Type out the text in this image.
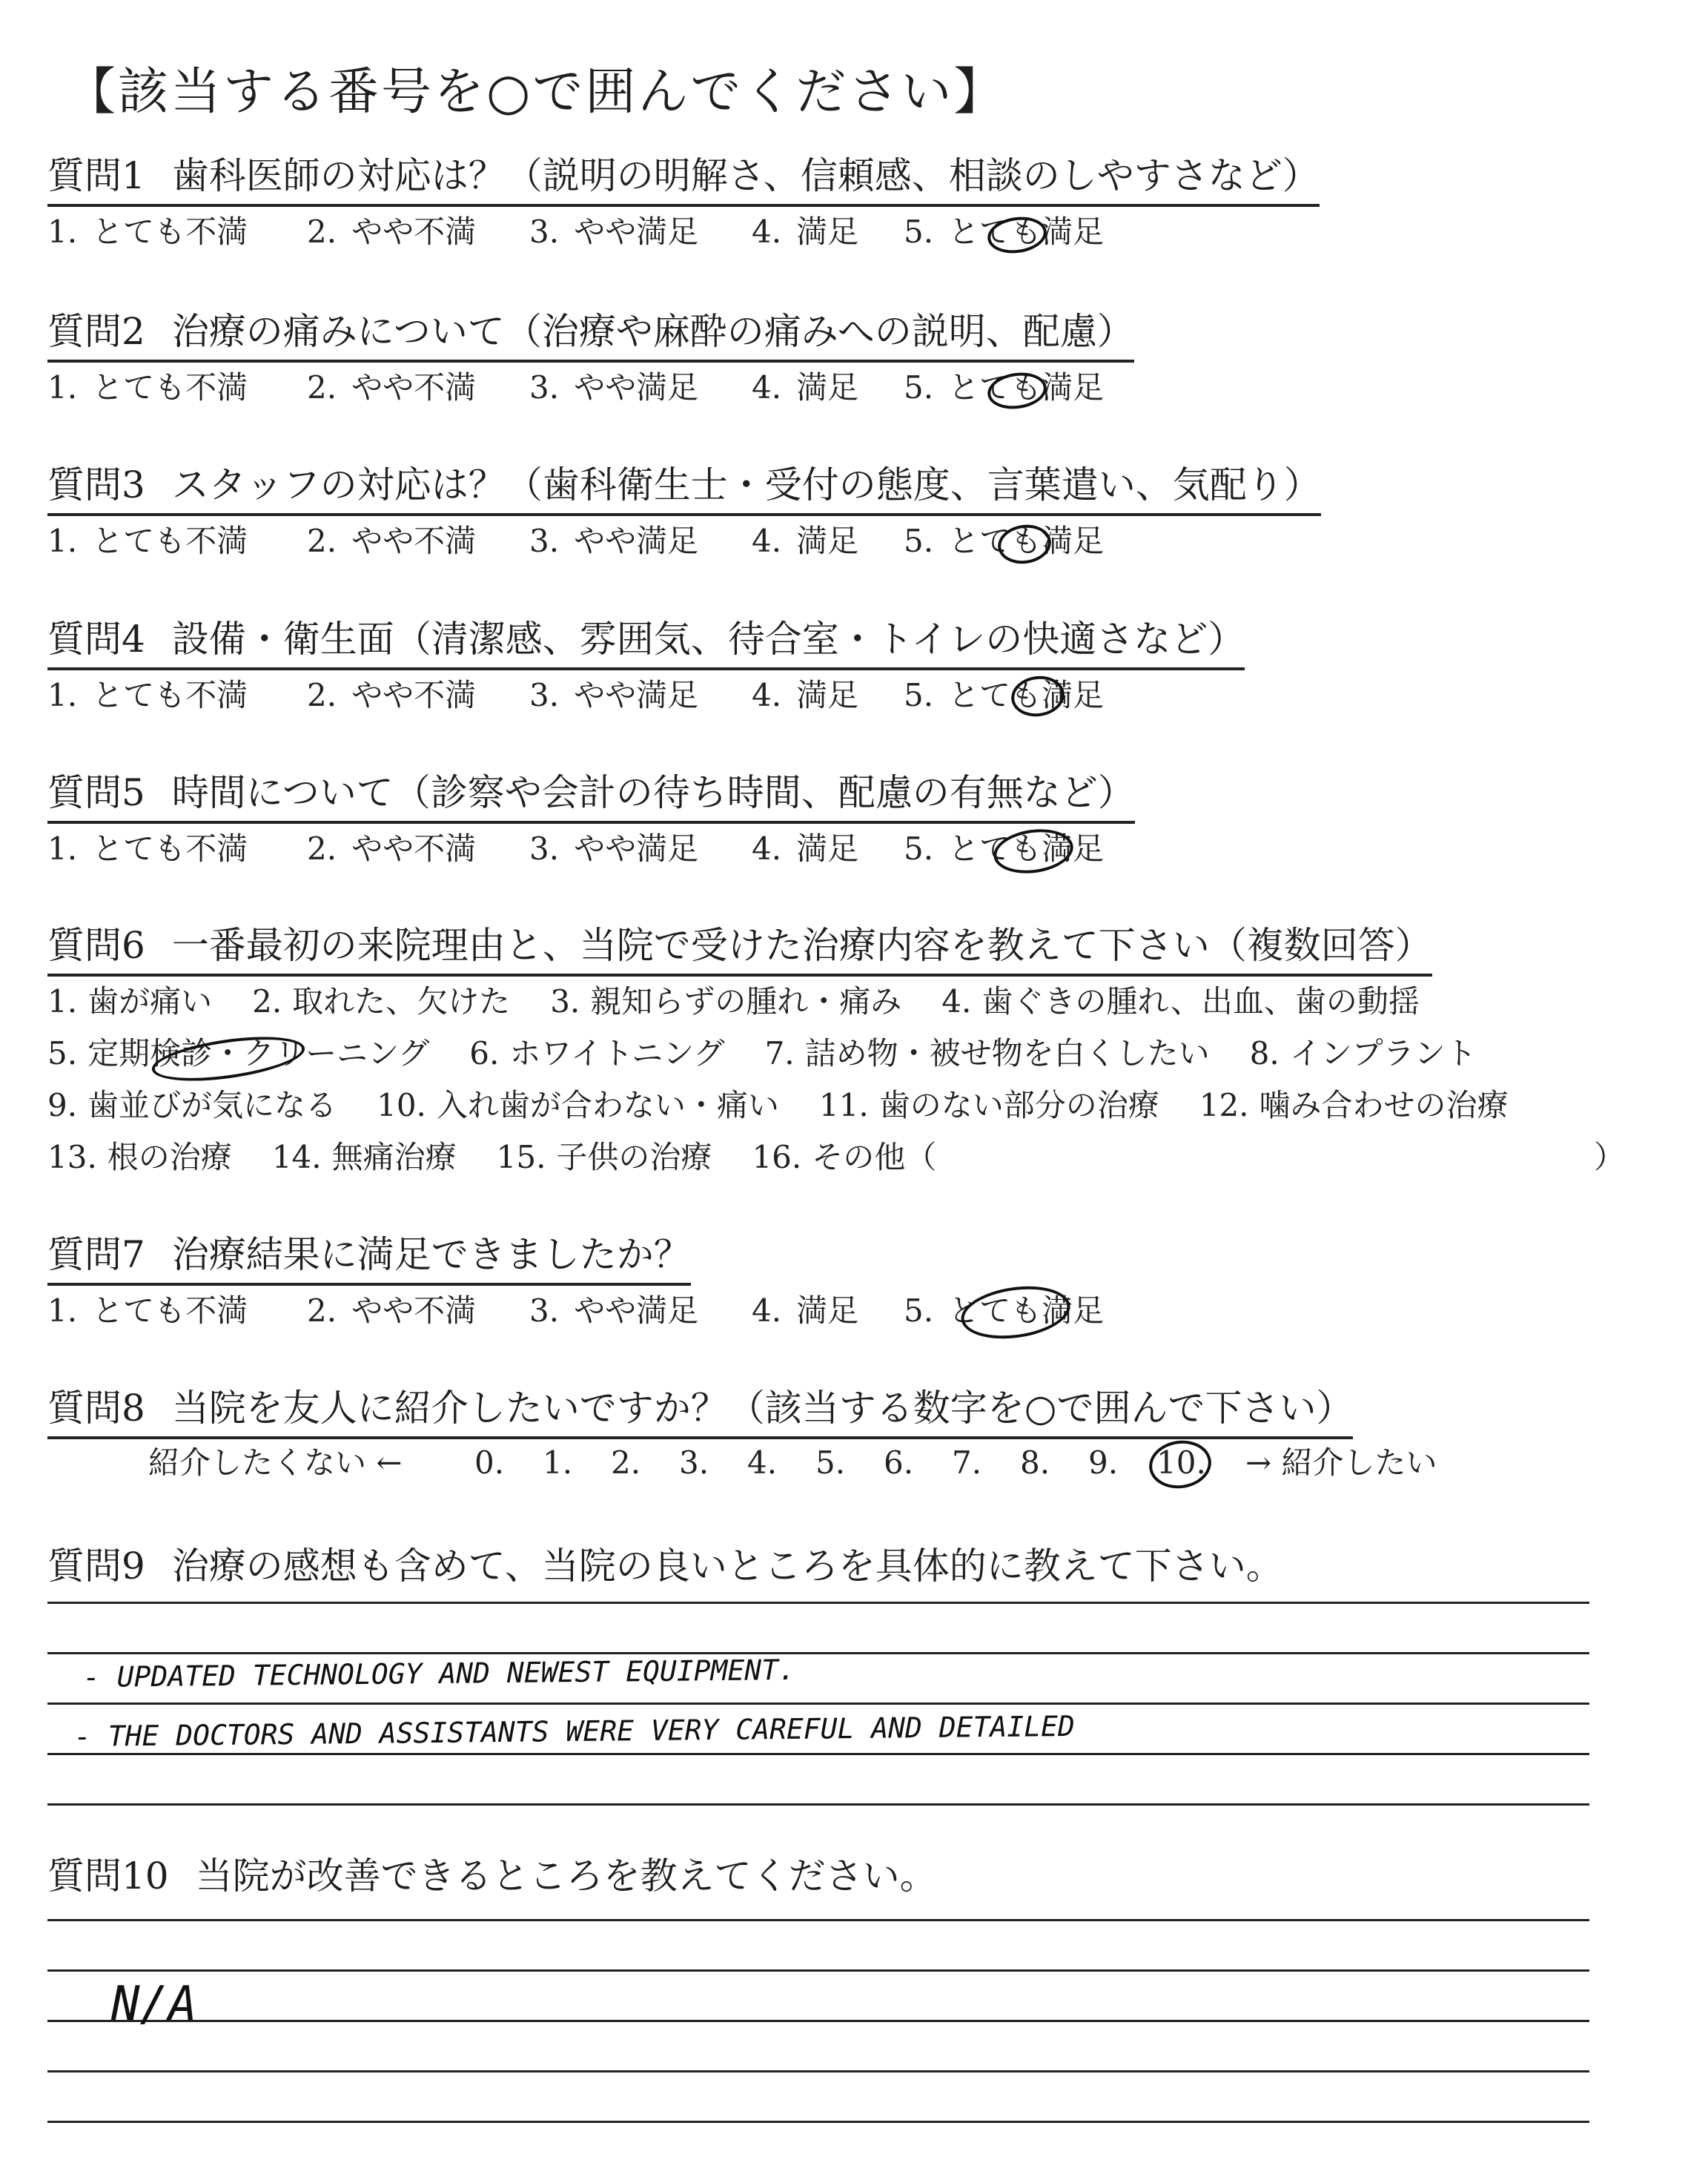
【該当する番号を○で囲んでください】
質問1 歯科医師の対応は？（説明の明解さ、信頼感、相談のしやすさなど）
1. とても不満 2. やや不満 3. やや満足 4. 満足 5. とても満足
質問2 治療の痛みについて（治療や麻酔の痛みへの説明、配慮）
1. とても不満 2. やや不満 3. やや満足 4. 満足 5. とても満足
質問3 スタッフの対応は？（歯科衛生士・受付の態度、言葉遣い、気配り）
1. とても不満 2. やや不満 3. やや満足 4. 満足 5. とても満足
質問4 設備・衛生面（清潔感、雰囲気、待合室・トイレの快適さなど）
1. とても不満 2. やや不満 3. やや満足 4. 満足 5. とても満足
質問5 時間について（診察や会計の待ち時間、配慮の有無など）
1. とても不満 2. やや不満 3. やや満足 4. 満足 5. とても満足
質問6 一番最初の来院理由と、当院で受けた治療内容を教えて下さい（複数回答）
1. 歯が痛い 2. 取れた、欠けた 3. 親知らずの腫れ・痛み 4. 歯ぐきの腫れ、出血、歯の動揺
5. 定期検診・クリーニング 6. ホワイトニング 7. 詰め物・被せ物を白くしたい 8. インプラント
9. 歯並びが気になる 10. 入れ歯が合わない・痛い 11. 歯のない部分の治療 12. 噛み合わせの治療
13. 根の治療 14. 無痛治療 15. 子供の治療 16. その他（	）
質問7 治療結果に満足できましたか？
1. とても不満 2. やや不満 3. やや満足 4. 満足 5. とても満足
質問8 当院を友人に紹介したいですか？（該当する数字を○で囲んで下さい）
紹介したくない ← 0. 1. 2. 3. 4. 5. 6. 7. 8. 9. 10. → 紹介したい
質問9 治療の感想も含めて、当院の良いところを具体的に教えて下さい。
- UPDATED TECHNOLOGY AND NEWEST EQUIPMENT.
- THE DOCTORS AND ASSISTANTS WERE VERY CAREFUL AND DETAILED
質問10 当院が改善できるところを教えてください。
N/A
